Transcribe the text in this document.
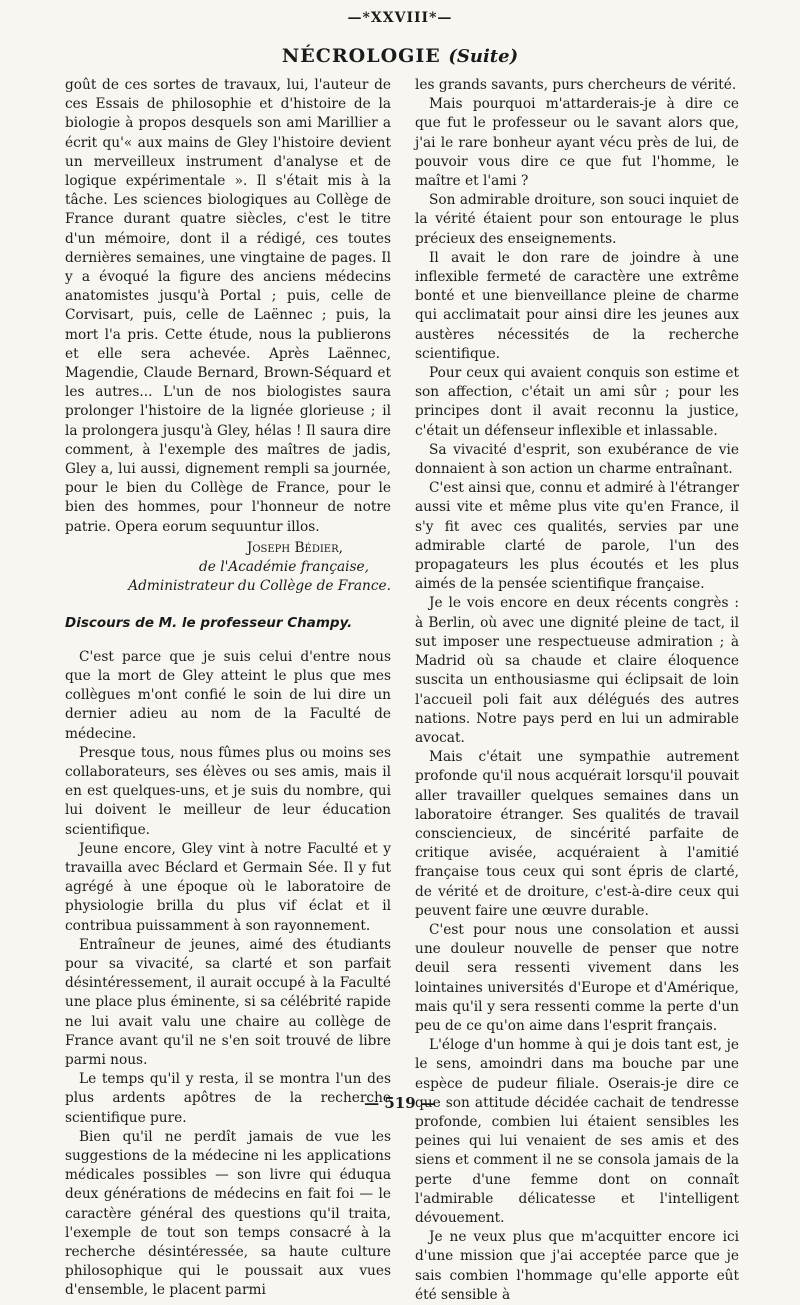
—*XXVIII*—
NÉCROLOGIE (Suite)

goût de ces sortes de travaux, lui, l'auteur de ces Essais de philosophie et d'histoire de la biologie à propos desquels son ami Marillier a écrit qu'« aux mains de Gley l'histoire devient un merveilleux instrument d'analyse et de logique expérimentale ». Il s'était mis à la tâche. Les sciences biologiques au Collège de France durant quatre siècles, c'est le titre d'un mémoire, dont il a rédigé, ces toutes dernières semaines, une vingtaine de pages. Il y a évoqué la figure des anciens médecins anatomistes jusqu'à Portal ; puis, celle de Corvisart, puis, celle de Laënnec ; puis, la mort l'a pris. Cette étude, nous la publierons et elle sera achevée. Après Laënnec, Magendie, Claude Bernard, Brown-Séquard et les autres... L'un de nos biologistes saura prolonger l'histoire de la lignée glorieuse ; il la prolongera jusqu'à Gley, hélas ! Il saura dire comment, à l'exemple des maîtres de jadis, Gley a, lui aussi, dignement rempli sa journée, pour le bien du Collège de France, pour le bien des hommes, pour l'honneur de notre patrie. Opera eorum sequuntur illos.

Joseph Bédier,
de l'Académie française,
Administrateur du Collège de France.
Discours de M. le professeur Champy.

C'est parce que je suis celui d'entre nous que la mort de Gley atteint le plus que mes collègues m'ont confié le soin de lui dire un dernier adieu au nom de la Faculté de médecine.

Presque tous, nous fûmes plus ou moins ses collaborateurs, ses élèves ou ses amis, mais il en est quelques-uns, et je suis du nombre, qui lui doivent le meilleur de leur éducation scientifique.

Jeune encore, Gley vint à notre Faculté et y travailla avec Béclard et Germain Sée. Il y fut agrégé à une époque où le laboratoire de physiologie brilla du plus vif éclat et il contribua puissamment à son rayonnement.

Entraîneur de jeunes, aimé des étudiants pour sa vivacité, sa clarté et son parfait désintéressement, il aurait occupé à la Faculté une place plus éminente, si sa célébrité rapide ne lui avait valu une chaire au collège de France avant qu'il ne s'en soit trouvé de libre parmi nous.

Le temps qu'il y resta, il se montra l'un des plus ardents apôtres de la recherche scientifique pure.

Bien qu'il ne perdît jamais de vue les suggestions de la médecine ni les applications médicales possibles — son livre qui éduqua deux générations de médecins en fait foi — le caractère général des questions qu'il traita, l'exemple de tout son temps consacré à la recherche désintéressée, sa haute culture philosophique qui le poussait aux vues d'ensemble, le placent parmi

les grands savants, purs chercheurs de vérité.

Mais pourquoi m'attarderais-je à dire ce que fut le professeur ou le savant alors que, j'ai le rare bonheur ayant vécu près de lui, de pouvoir vous dire ce que fut l'homme, le maître et l'ami ?

Son admirable droiture, son souci inquiet de la vérité étaient pour son entourage le plus précieux des enseignements.

Il avait le don rare de joindre à une inflexible fermeté de caractère une extrême bonté et une bienveillance pleine de charme qui acclimatait pour ainsi dire les jeunes aux austères nécessités de la recherche scientifique.

Pour ceux qui avaient conquis son estime et son affection, c'était un ami sûr ; pour les principes dont il avait reconnu la justice, c'était un défenseur inflexible et inlassable.

Sa vivacité d'esprit, son exubérance de vie donnaient à son action un charme entraînant.

C'est ainsi que, connu et admiré à l'étranger aussi vite et même plus vite qu'en France, il s'y fit avec ces qualités, servies par une admirable clarté de parole, l'un des propagateurs les plus écoutés et les plus aimés de la pensée scientifique française.

Je le vois encore en deux récents congrès : à Berlin, où avec une dignité pleine de tact, il sut imposer une respectueuse admiration ; à Madrid où sa chaude et claire éloquence suscita un enthousiasme qui éclipsait de loin l'accueil poli fait aux délégués des autres nations. Notre pays perd en lui un admirable avocat.

Mais c'était une sympathie autrement profonde qu'il nous acquérait lorsqu'il pouvait aller travailler quelques semaines dans un laboratoire étranger. Ses qualités de travail consciencieux, de sincérité parfaite de critique avisée, acquéraient à l'amitié française tous ceux qui sont épris de clarté, de vérité et de droiture, c'est-à-dire ceux qui peuvent faire une œuvre durable.

C'est pour nous une consolation et aussi une douleur nouvelle de penser que notre deuil sera ressenti vivement dans les lointaines universités d'Europe et d'Amérique, mais qu'il y sera ressenti comme la perte d'un peu de ce qu'on aime dans l'esprit français.

L'éloge d'un homme à qui je dois tant est, je le sens, amoindri dans ma bouche par une espèce de pudeur filiale. Oserais-je dire ce que son attitude décidée cachait de tendresse profonde, combien lui étaient sensibles les peines qui lui venaient de ses amis et des siens et comment il ne se consola jamais de la perte d'une femme dont on connaît l'admirable délicatesse et l'intelligent dévouement.

Je ne veux plus que m'acquitter encore ici d'une mission que j'ai acceptée parce que je sais combien l'hommage qu'elle apporte eût été sensible à

— 519 —
